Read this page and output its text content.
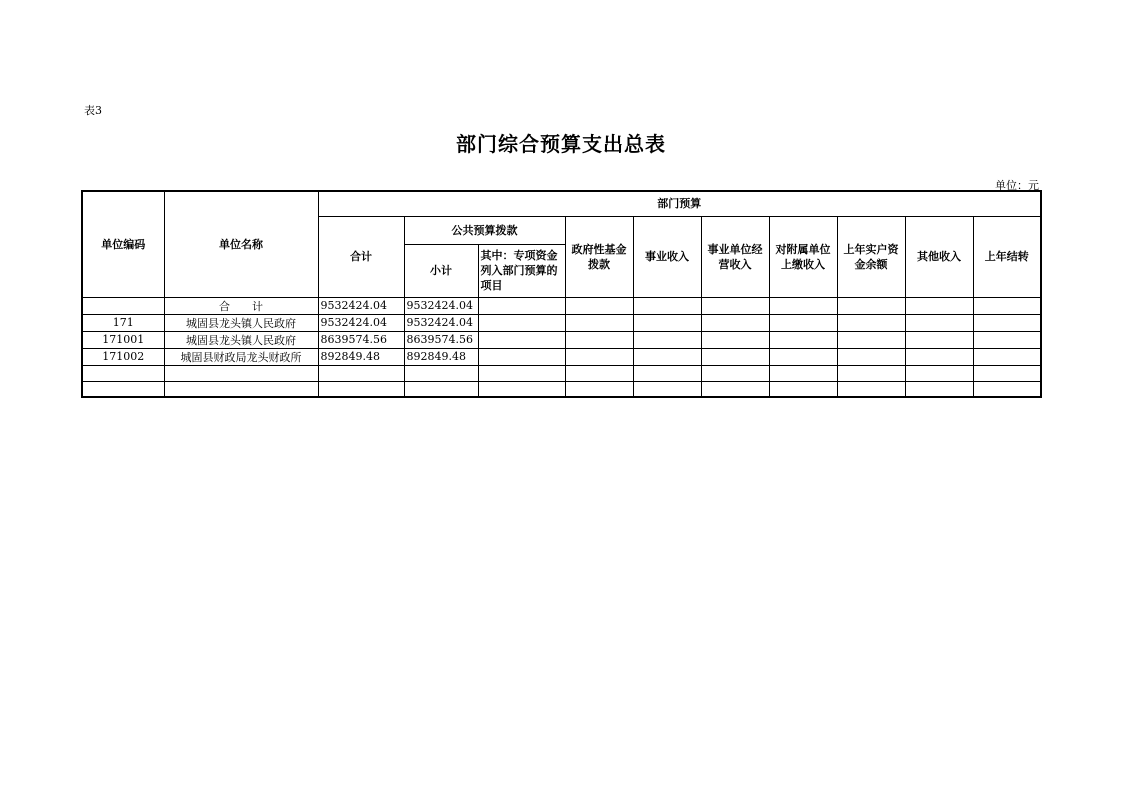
表3
部门综合预算支出总表
单位：元
单位编码	单位名称	部门预算									
		合计	公共预算拨款		政府性基金拨款	事业收入	事业单位经营收入	对附属单位上缴收入	上年实户资金余额	其他收入	上年结转
			小计	其中：专项资金列入部门预算的项目							
	合计	9532424.04	9532424.04								
171	城固县龙头镇人民政府	9532424.04	9532424.04								
171001	城固县龙头镇人民政府	8639574.56	8639574.56								
171002	城固县财政局龙头财政所	892849.48	892849.48								
